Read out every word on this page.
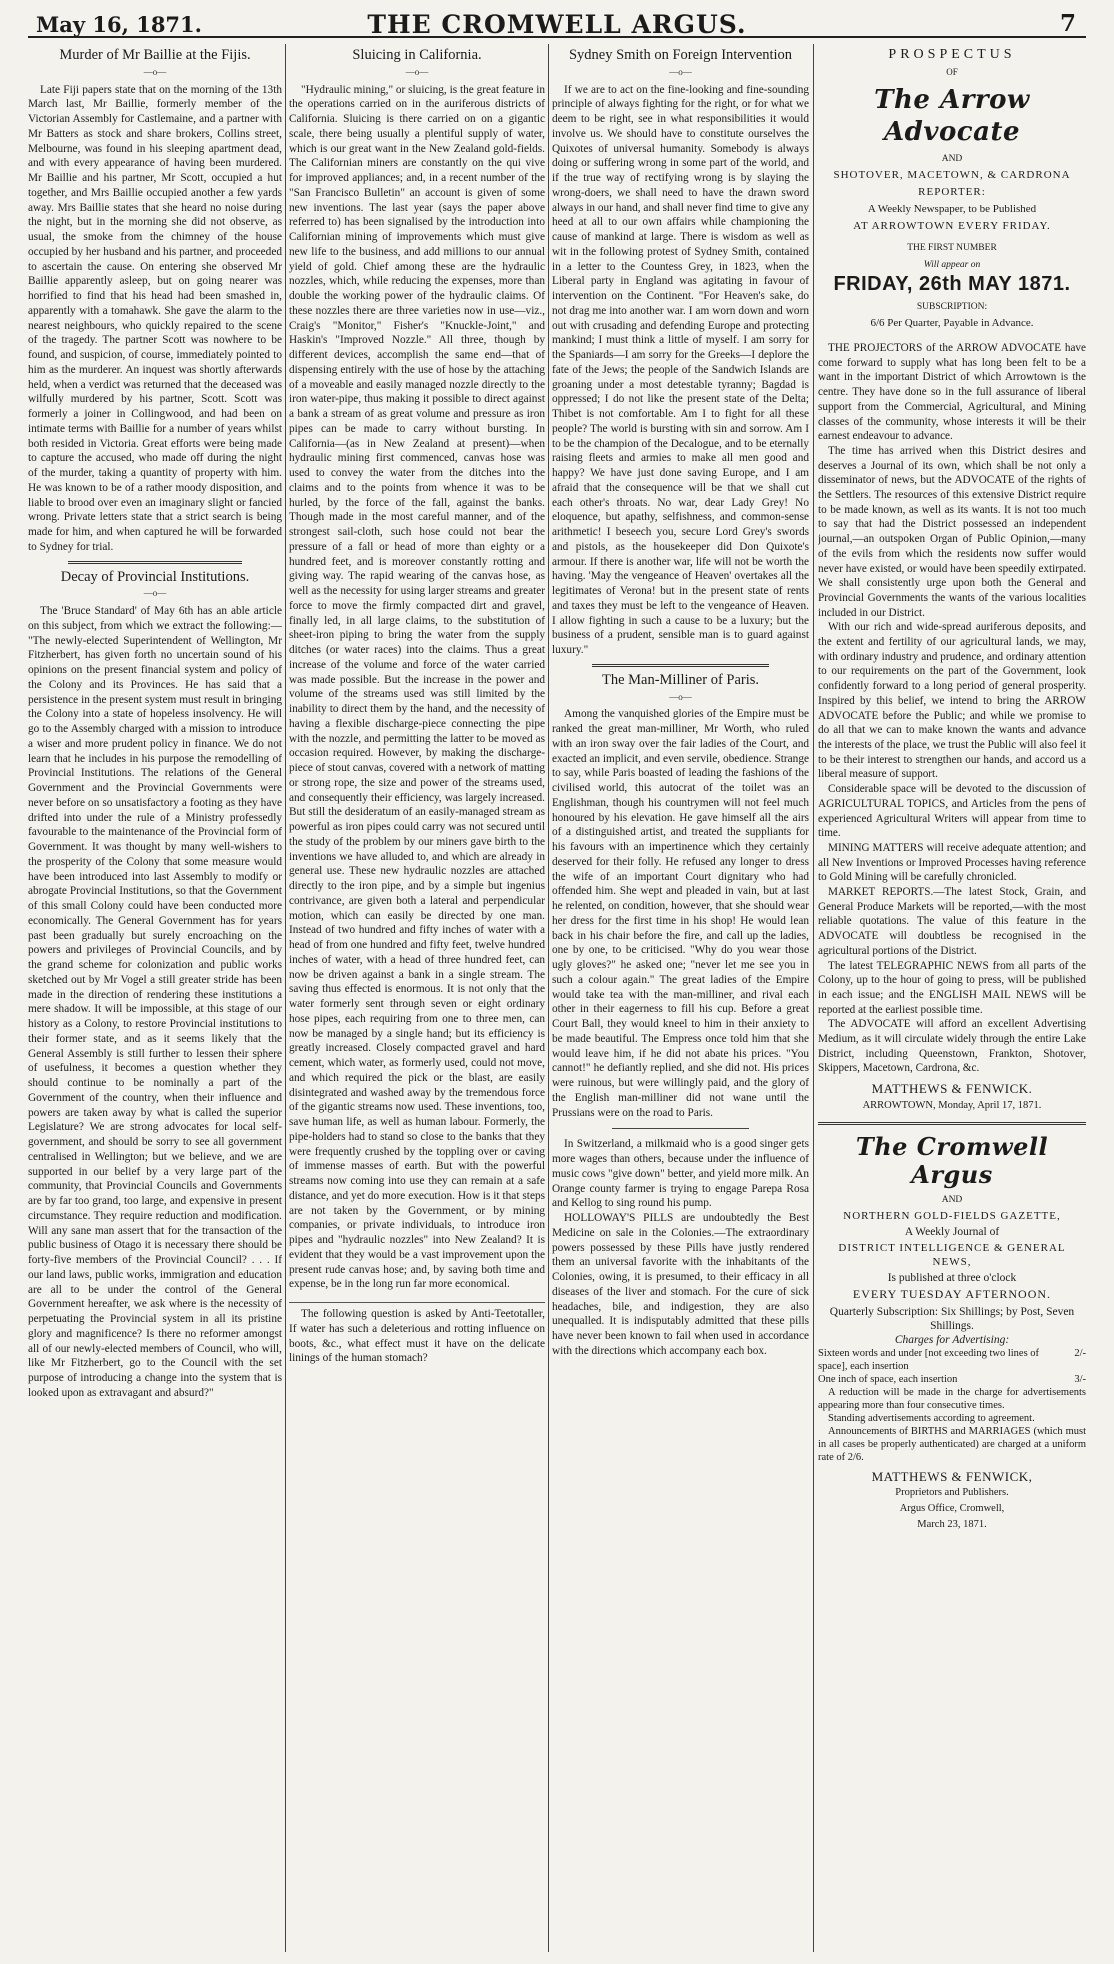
May 16, 1871.	THE CROMWELL ARGUS.	7
Murder of Mr Baillie at the Fijis.
—o—

Late Fiji papers state that on the morning of the 13th March last, Mr Baillie, formerly member of the Victorian Assembly for Castlemaine, and a partner with Mr Batters as stock and share brokers, Collins street, Melbourne, was found in his sleeping apartment dead, and with every appearance of having been murdered. Mr Baillie and his partner, Mr Scott, occupied a hut together, and Mrs Baillie occupied another a few yards away. Mrs Baillie states that she heard no noise during the night, but in the morning she did not observe, as usual, the smoke from the chimney of the house occupied by her husband and his partner, and proceeded to ascertain the cause. On entering she observed Mr Baillie apparently asleep, but on going nearer was horrified to find that his head had been smashed in, apparently with a tomahawk. She gave the alarm to the nearest neighbours, who quickly repaired to the scene of the tragedy. The partner Scott was nowhere to be found, and suspicion, of course, immediately pointed to him as the murderer. An inquest was shortly afterwards held, when a verdict was returned that the deceased was wilfully murdered by his partner, Scott. Scott was formerly a joiner in Collingwood, and had been on intimate terms with Baillie for a number of years whilst both resided in Victoria. Great efforts were being made to capture the accused, who made off during the night of the murder, taking a quantity of property with him. He was known to be of a rather moody disposition, and liable to brood over even an imaginary slight or fancied wrong. Private letters state that a strict search is being made for him, and when captured he will be forwarded to Sydney for trial.

Decay of Provincial Institutions.
—o—

The 'Bruce Standard' of May 6th has an able article on this subject, from which we extract the following:— "The newly-elected Superintendent of Wellington, Mr Fitzherbert, has given forth no uncertain sound of his opinions on the present financial system and policy of the Colony and its Provinces. He has said that a persistence in the present system must result in bringing the Colony into a state of hopeless insolvency. He will go to the Assembly charged with a mission to introduce a wiser and more prudent policy in finance. We do not learn that he includes in his purpose the remodelling of Provincial Institutions. The relations of the General Government and the Provincial Governments were never before on so unsatisfactory a footing as they have drifted into under the rule of a Ministry professedly favourable to the maintenance of the Provincial form of Government. It was thought by many well-wishers to the prosperity of the Colony that some measure would have been introduced into last Assembly to modify or abrogate Provincial Institutions, so that the Government of this small Colony could have been conducted more economically. The General Government has for years past been gradually but surely encroaching on the powers and privileges of Provincial Councils, and by the grand scheme for colonization and public works sketched out by Mr Vogel a still greater stride has been made in the direction of rendering these institutions a mere shadow. It will be impossible, at this stage of our history as a Colony, to restore Provincial institutions to their former state, and as it seems likely that the General Assembly is still further to lessen their sphere of usefulness, it becomes a question whether they should continue to be nominally a part of the Government of the country, when their influence and powers are taken away by what is called the superior Legislature? We are strong advocates for local self-government, and should be sorry to see all government centralised in Wellington; but we believe, and we are supported in our belief by a very large part of the community, that Provincial Councils and Governments are by far too grand, too large, and expensive in present circumstance. They require reduction and modification. Will any sane man assert that for the transaction of the public business of Otago it is necessary there should be forty-five members of the Provincial Council? . . . If our land laws, public works, immigration and education are all to be under the control of the General Government hereafter, we ask where is the necessity of perpetuating the Provincial system in all its pristine glory and magnificence? Is there no reformer amongst all of our newly-elected members of Council, who will, like Mr Fitzherbert, go to the Council with the set purpose of introducing a change into the system that is looked upon as extravagant and absurd?"

Sluicing in California.
—o—

"Hydraulic mining," or sluicing, is the great feature in the operations carried on in the auriferous districts of California. Sluicing is there carried on on a gigantic scale, there being usually a plentiful supply of water, which is our great want in the New Zealand gold-fields. The Californian miners are constantly on the qui vive for improved appliances; and, in a recent number of the "San Francisco Bulletin" an account is given of some new inventions. The last year (says the paper above referred to) has been signalised by the introduction into Californian mining of improvements which must give new life to the business, and add millions to our annual yield of gold. Chief among these are the hydraulic nozzles, which, while reducing the expenses, more than double the working power of the hydraulic claims. Of these nozzles there are three varieties now in use—viz., Craig's "Monitor," Fisher's "Knuckle-Joint," and Haskin's "Improved Nozzle." All three, though by different devices, accomplish the same end—that of dispensing entirely with the use of hose by the attaching of a moveable and easily managed nozzle directly to the iron water-pipe, thus making it possible to direct against a bank a stream of as great volume and pressure as iron pipes can be made to carry without bursting. In California—(as in New Zealand at present)—when hydraulic mining first commenced, canvas hose was used to convey the water from the ditches into the claims and to the points from whence it was to be hurled, by the force of the fall, against the banks. Though made in the most careful manner, and of the strongest sail-cloth, such hose could not bear the pressure of a fall or head of more than eighty or a hundred feet, and is moreover constantly rotting and giving way. The rapid wearing of the canvas hose, as well as the necessity for using larger streams and greater force to move the firmly compacted dirt and gravel, finally led, in all large claims, to the substitution of sheet-iron piping to bring the water from the supply ditches (or water races) into the claims. Thus a great increase of the volume and force of the water carried was made possible. But the increase in the power and volume of the streams used was still limited by the inability to direct them by the hand, and the necessity of having a flexible discharge-piece connecting the pipe with the nozzle, and permitting the latter to be moved as occasion required. However, by making the discharge-piece of stout canvas, covered with a network of matting or strong rope, the size and power of the streams used, and consequently their efficiency, was largely increased. But still the desideratum of an easily-managed stream as powerful as iron pipes could carry was not secured until the study of the problem by our miners gave birth to the inventions we have alluded to, and which are already in general use. These new hydraulic nozzles are attached directly to the iron pipe, and by a simple but ingenius contrivance, are given both a lateral and perpendicular motion, which can easily be directed by one man. Instead of two hundred and fifty inches of water with a head of from one hundred and fifty feet, twelve hundred inches of water, with a head of three hundred feet, can now be driven against a bank in a single stream. The saving thus effected is enormous. It is not only that the water formerly sent through seven or eight ordinary hose pipes, each requiring from one to three men, can now be managed by a single hand; but its efficiency is greatly increased. Closely compacted gravel and hard cement, which water, as formerly used, could not move, and which required the pick or the blast, are easily disintegrated and washed away by the tremendous force of the gigantic streams now used. These inventions, too, save human life, as well as human labour. Formerly, the pipe-holders had to stand so close to the banks that they were frequently crushed by the toppling over or caving of immense masses of earth. But with the powerful streams now coming into use they can remain at a safe distance, and yet do more execution. How is it that steps are not taken by the Government, or by mining companies, or private individuals, to introduce iron pipes and "hydraulic nozzles" into New Zealand? It is evident that they would be a vast improvement upon the present rude canvas hose; and, by saving both time and expense, be in the long run far more economical.

The following question is asked by Anti-Teetotaller, If water has such a deleterious and rotting influence on boots, &c., what effect must it have on the delicate linings of the human stomach?

Sydney Smith on Foreign Intervention
—o—

If we are to act on the fine-looking and fine-sounding principle of always fighting for the right, or for what we deem to be right, see in what responsibilities it would involve us. We should have to constitute ourselves the Quixotes of universal humanity. Somebody is always doing or suffering wrong in some part of the world, and if the true way of rectifying wrong is by slaying the wrong-doers, we shall need to have the drawn sword always in our hand, and shall never find time to give any heed at all to our own affairs while championing the cause of mankind at large. There is wisdom as well as wit in the following protest of Sydney Smith, contained in a letter to the Countess Grey, in 1823, when the Liberal party in England was agitating in favour of intervention on the Continent. "For Heaven's sake, do not drag me into another war. I am worn down and worn out with crusading and defending Europe and protecting mankind; I must think a little of myself. I am sorry for the Spaniards—I am sorry for the Greeks—I deplore the fate of the Jews; the people of the Sandwich Islands are groaning under a most detestable tyranny; Bagdad is oppressed; I do not like the present state of the Delta; Thibet is not comfortable. Am I to fight for all these people? The world is bursting with sin and sorrow. Am I to be the champion of the Decalogue, and to be eternally raising fleets and armies to make all men good and happy? We have just done saving Europe, and I am afraid that the consequence will be that we shall cut each other's throats. No war, dear Lady Grey! No eloquence, but apathy, selfishness, and common-sense arithmetic! I beseech you, secure Lord Grey's swords and pistols, as the housekeeper did Don Quixote's armour. If there is another war, life will not be worth the having. 'May the vengeance of Heaven' overtakes all the legitimates of Verona! but in the present state of rents and taxes they must be left to the vengeance of Heaven. I allow fighting in such a cause to be a luxury; but the business of a prudent, sensible man is to guard against luxury."

The Man-Milliner of Paris.
—o—

Among the vanquished glories of the Empire must be ranked the great man-milliner, Mr Worth, who ruled with an iron sway over the fair ladies of the Court, and exacted an implicit, and even servile, obedience. Strange to say, while Paris boasted of leading the fashions of the civilised world, this autocrat of the toilet was an Englishman, though his countrymen will not feel much honoured by his elevation. He gave himself all the airs of a distinguished artist, and treated the suppliants for his favours with an impertinence which they certainly deserved for their folly. He refused any longer to dress the wife of an important Court dignitary who had offended him. She wept and pleaded in vain, but at last he relented, on condition, however, that she should wear her dress for the first time in his shop! He would lean back in his chair before the fire, and call up the ladies, one by one, to be criticised. "Why do you wear those ugly gloves?" he asked one; "never let me see you in such a colour again." The great ladies of the Empire would take tea with the man-milliner, and rival each other in their eagerness to fill his cup. Before a great Court Ball, they would kneel to him in their anxiety to be made beautiful. The Empress once told him that she would leave him, if he did not abate his prices. "You cannot!" he defiantly replied, and she did not. His prices were ruinous, but were willingly paid, and the glory of the English man-milliner did not wane until the Prussians were on the road to Paris.

In Switzerland, a milkmaid who is a good singer gets more wages than others, because under the influence of music cows "give down" better, and yield more milk. An Orange county farmer is trying to engage Parepa Rosa and Kellog to sing round his pump.

HOLLOWAY'S PILLS are undoubtedly the Best Medicine on sale in the Colonies.—The extraordinary powers possessed by these Pills have justly rendered them an universal favorite with the inhabitants of the Colonies, owing, it is presumed, to their efficacy in all diseases of the liver and stomach. For the cure of sick headaches, bile, and indigestion, they are also unequalled. It is indisputably admitted that these pills have never been known to fail when used in accordance with the directions which accompany each box.

PROSPECTUS
OF
The Arrow Advocate
AND
SHOTOVER, MACETOWN, & CARDRONA
REPORTER:
A Weekly Newspaper, to be Published
AT ARROWTOWN EVERY FRIDAY.
THE FIRST NUMBER
Will appear on
FRIDAY, 26th MAY 1871.
SUBSCRIPTION:
6/6 Per Quarter, Payable in Advance.

THE PROJECTORS of the ARROW ADVOCATE have come forward to supply what has long been felt to be a want in the important District of which Arrowtown is the centre. They have done so in the full assurance of liberal support from the Commercial, Agricultural, and Mining classes of the community, whose interests it will be their earnest endeavour to advance.

The time has arrived when this District desires and deserves a Journal of its own, which shall be not only a disseminator of news, but the ADVOCATE of the rights of the Settlers. The resources of this extensive District require to be made known, as well as its wants. It is not too much to say that had the District possessed an independent journal,—an outspoken Organ of Public Opinion,—many of the evils from which the residents now suffer would never have existed, or would have been speedily extirpated. We shall consistently urge upon both the General and Provincial Governments the wants of the various localities included in our District.

With our rich and wide-spread auriferous deposits, and the extent and fertility of our agricultural lands, we may, with ordinary industry and prudence, and ordinary attention to our requirements on the part of the Government, look confidently forward to a long period of general prosperity. Inspired by this belief, we intend to bring the ARROW ADVOCATE before the Public; and while we promise to do all that we can to make known the wants and advance the interests of the place, we trust the Public will also feel it to be their interest to strengthen our hands, and accord us a liberal measure of support.

Considerable space will be devoted to the discussion of AGRICULTURAL TOPICS, and Articles from the pens of experienced Agricultural Writers will appear from time to time.

MINING MATTERS will receive adequate attention; and all New Inventions or Improved Processes having reference to Gold Mining will be carefully chronicled.

MARKET REPORTS.—The latest Stock, Grain, and General Produce Markets will be reported,—with the most reliable quotations. The value of this feature in the ADVOCATE will doubtless be recognised in the agricultural portions of the District.

The latest TELEGRAPHIC NEWS from all parts of the Colony, up to the hour of going to press, will be published in each issue; and the ENGLISH MAIL NEWS will be reported at the earliest possible time.

The ADVOCATE will afford an excellent Advertising Medium, as it will circulate widely through the entire Lake District, including Queenstown, Frankton, Shotover, Skippers, Macetown, Cardrona, &c.

MATTHEWS & FENWICK.
ARROWTOWN, Monday, April 17, 1871.
The Cromwell Argus
AND
NORTHERN GOLD-FIELDS GAZETTE,
A Weekly Journal of
DISTRICT INTELLIGENCE & GENERAL NEWS,
Is published at three o'clock
EVERY TUESDAY AFTERNOON.
Quarterly Subscription: Six Shillings; by Post, Seven Shillings.
Charges for Advertising:
Sixteen words and under [not exceeding two lines of space], each insertion	2/-
One inch of space, each insertion	3/-

A reduction will be made in the charge for advertisements appearing more than four consecutive times.

Standing advertisements according to agreement.

Announcements of BIRTHS and MARRIAGES (which must in all cases be properly authenticated) are charged at a uniform rate of 2/6.

MATTHEWS & FENWICK,
Proprietors and Publishers.
Argus Office, Cromwell,
March 23, 1871.
